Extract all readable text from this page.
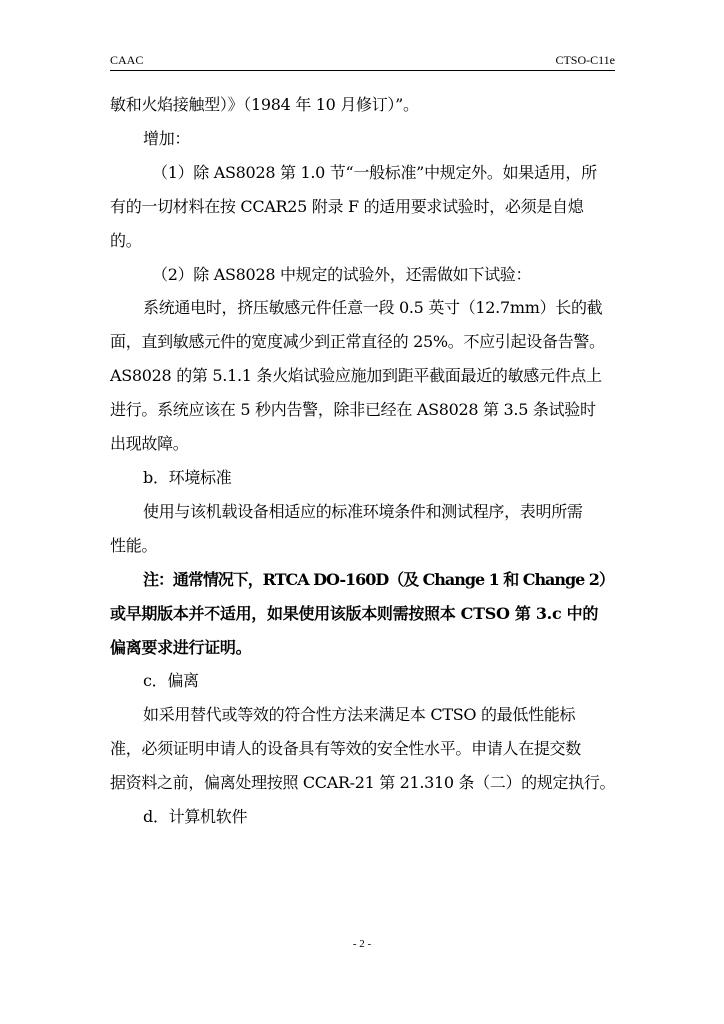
CAAC	CTSO-C11e

敏和火焰接触型）》（1984 年 10 月修订）”。

增加：

（1）除 AS8028 第 1.0 节“一般标准”中规定外。如果适用，所

有的一切材料在按 CCAR25 附录 F 的适用要求试验时，必须是自熄

的。

（2）除 AS8028 中规定的试验外，还需做如下试验：

系统通电时，挤压敏感元件任意一段 0.5 英寸（12.7mm）长的截

面，直到敏感元件的宽度减少到正常直径的 25%。不应引起设备告警。

AS8028 的第 5.1.1 条火焰试验应施加到距平截面最近的敏感元件点上

进行。系统应该在 5 秒内告警，除非已经在 AS8028 第 3.5 条试验时

出现故障。

b．环境标准

使用与该机载设备相适应的标准环境条件和测试程序，表明所需

性能。

注：通常情况下，RTCA DO-160D（及 Change 1 和 Change 2）

或早期版本并不适用，如果使用该版本则需按照本 CTSO 第 3.c 中的

偏离要求进行证明。

c．偏离

如采用替代或等效的符合性方法来满足本 CTSO 的最低性能标

准，必须证明申请人的设备具有等效的安全性水平。申请人在提交数

据资料之前，偏离处理按照 CCAR-21 第 21.310 条（二）的规定执行。

d．计算机软件

- 2 -
